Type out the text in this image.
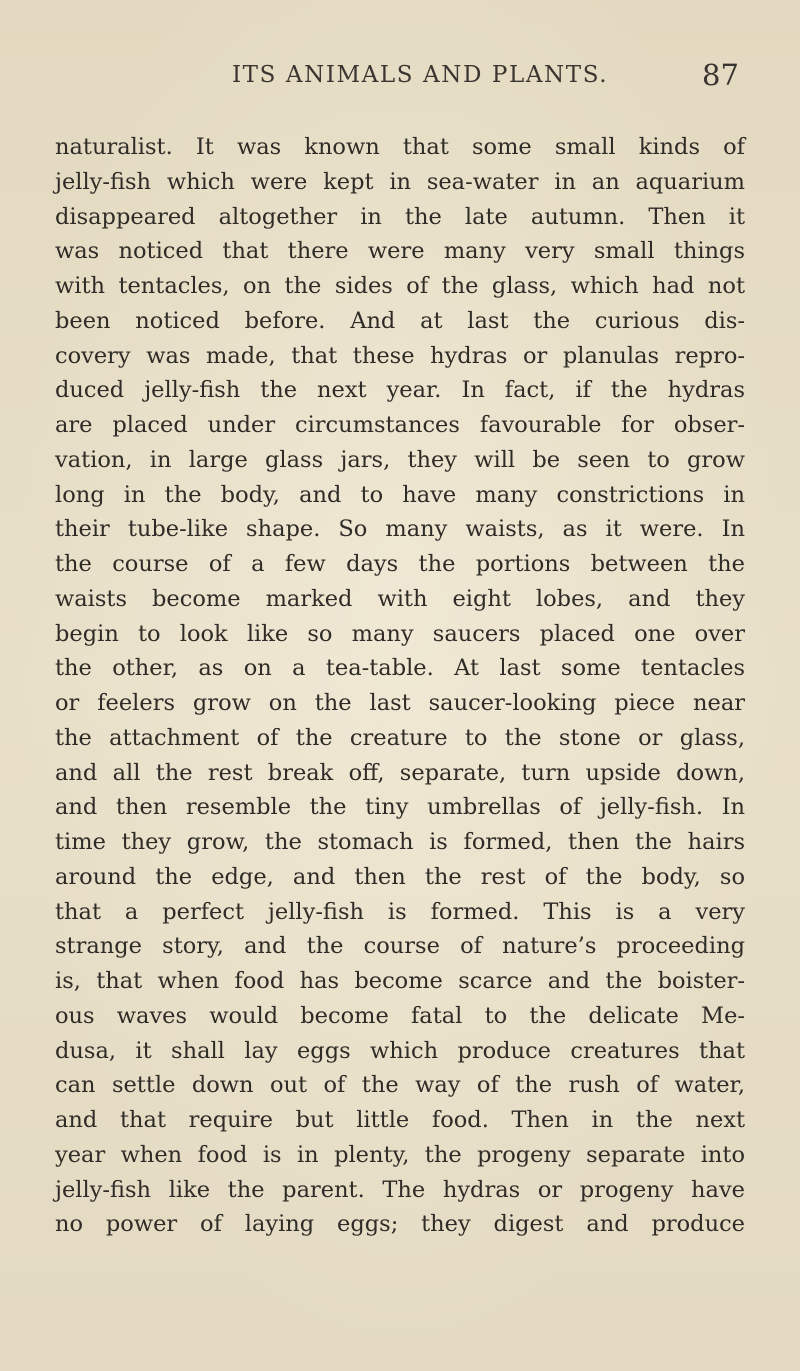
ITS ANIMALS AND PLANTS.	87
naturalist. It was known that some small kinds of
jelly-fish which were kept in sea-water in an aquarium
disappeared altogether in the late autumn. Then it
was noticed that there were many very small things
with tentacles, on the sides of the glass, which had not
been noticed before. And at last the curious dis-
covery was made, that these hydras or planulas repro-
duced jelly-fish the next year. In fact, if the hydras
are placed under circumstances favourable for obser-
vation, in large glass jars, they will be seen to grow
long in the body, and to have many constrictions in
their tube-like shape. So many waists, as it were. In
the course of a few days the portions between the
waists become marked with eight lobes, and they
begin to look like so many saucers placed one over
the other, as on a tea-table. At last some tentacles
or feelers grow on the last saucer-looking piece near
the attachment of the creature to the stone or glass,
and all the rest break off, separate, turn upside down,
and then resemble the tiny umbrellas of jelly-fish. In
time they grow, the stomach is formed, then the hairs
around the edge, and then the rest of the body, so
that a perfect jelly-fish is formed. This is a very
strange story, and the course of nature’s proceeding
is, that when food has become scarce and the boister-
ous waves would become fatal to the delicate Me-
dusa, it shall lay eggs which produce creatures that
can settle down out of the way of the rush of water,
and that require but little food. Then in the next
year when food is in plenty, the progeny separate into
jelly-fish like the parent. The hydras or progeny have
no power of laying eggs; they digest and produce
